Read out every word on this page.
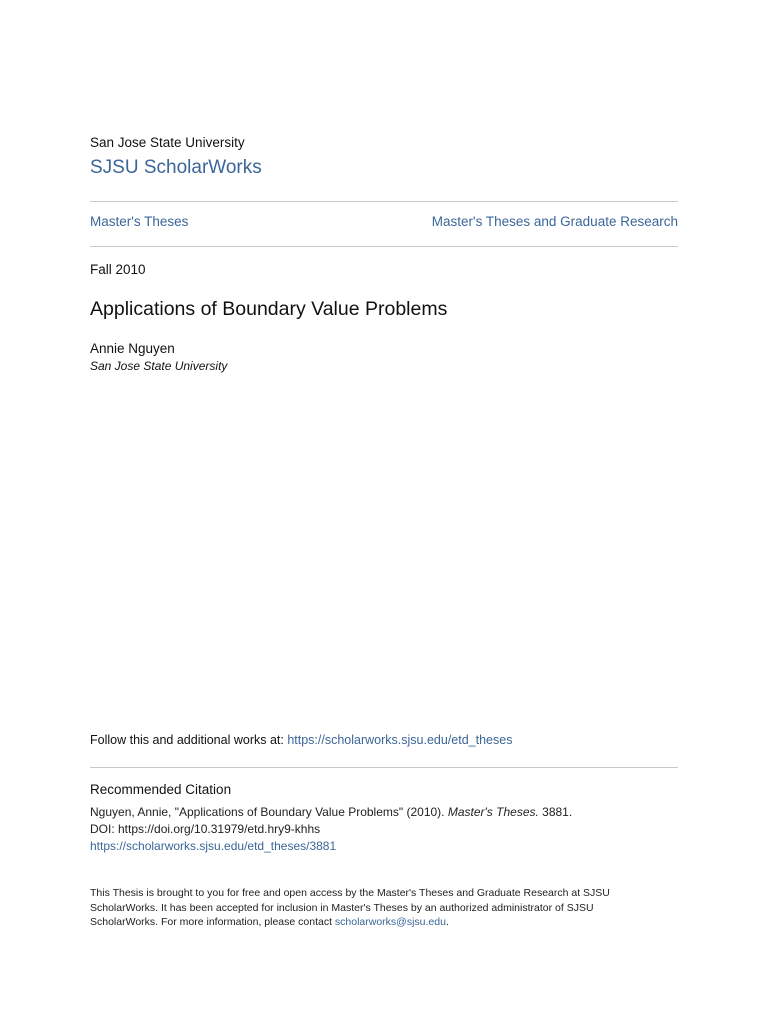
San Jose State University
SJSU ScholarWorks
Master's Theses	Master's Theses and Graduate Research
Fall 2010
Applications of Boundary Value Problems
Annie Nguyen
San Jose State University
Follow this and additional works at: https://scholarworks.sjsu.edu/etd_theses
Recommended Citation
Nguyen, Annie, "Applications of Boundary Value Problems" (2010). Master's Theses. 3881.
DOI: https://doi.org/10.31979/etd.hry9-khhs
https://scholarworks.sjsu.edu/etd_theses/3881
This Thesis is brought to you for free and open access by the Master's Theses and Graduate Research at SJSU ScholarWorks. It has been accepted for inclusion in Master's Theses by an authorized administrator of SJSU ScholarWorks. For more information, please contact scholarworks@sjsu.edu.
